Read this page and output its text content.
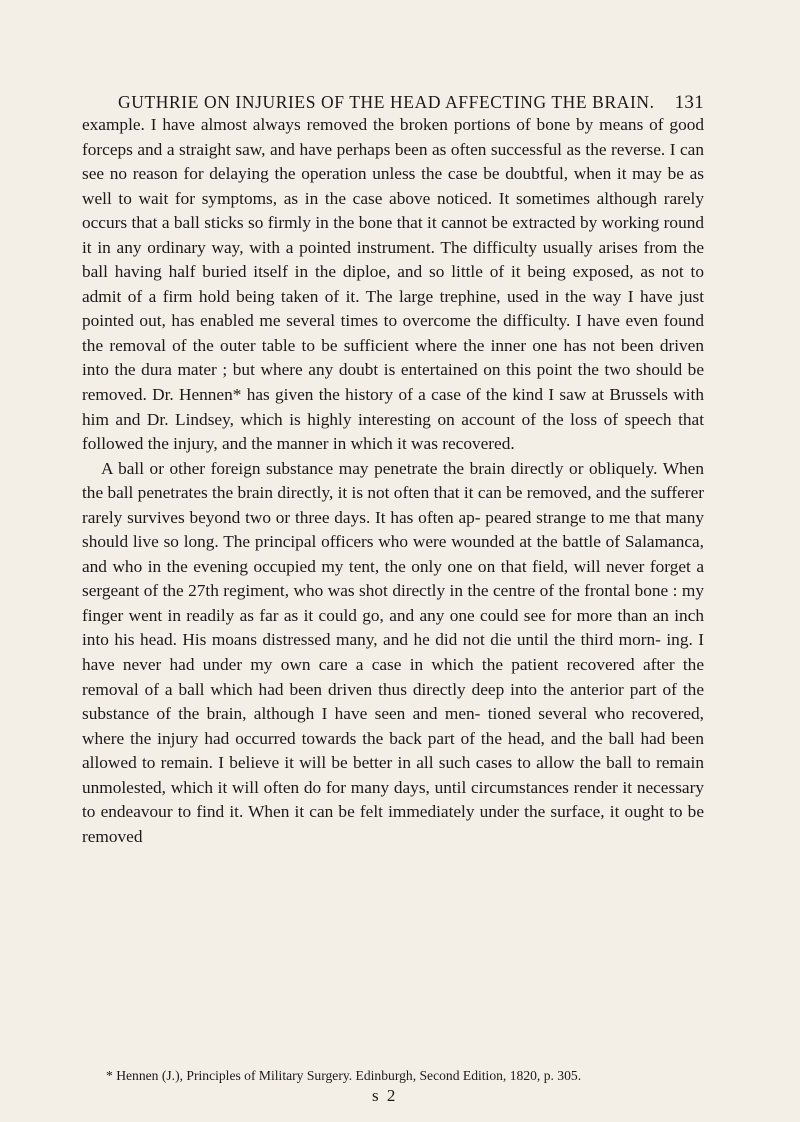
GUTHRIE ON INJURIES OF THE HEAD AFFECTING THE BRAIN. 131

example. I have almost always removed the broken portions of bone by means of good forceps and a straight saw, and have perhaps been as often successful as the reverse. I can see no reason for delaying the operation unless the case be doubtful, when it may be as well to wait for symptoms, as in the case above noticed. It sometimes although rarely occurs that a ball sticks so firmly in the bone that it cannot be extracted by working round it in any ordinary way, with a pointed instrument. The difficulty usually arises from the ball having half buried itself in the diploe, and so little of it being exposed, as not to admit of a firm hold being taken of it. The large trephine, used in the way I have just pointed out, has enabled me several times to overcome the difficulty. I have even found the removal of the outer table to be sufficient where the inner one has not been driven into the dura mater ; but where any doubt is entertained on this point the two should be removed. Dr. Hennen* has given the history of a case of the kind I saw at Brussels with him and Dr. Lindsey, which is highly interesting on account of the loss of speech that followed the injury, and the manner in which it was recovered.

A ball or other foreign substance may penetrate the brain directly or obliquely. When the ball penetrates the brain directly, it is not often that it can be removed, and the sufferer rarely survives beyond two or three days. It has often ap- peared strange to me that many should live so long. The principal officers who were wounded at the battle of Salamanca, and who in the evening occupied my tent, the only one on that field, will never forget a sergeant of the 27th regiment, who was shot directly in the centre of the frontal bone : my finger went in readily as far as it could go, and any one could see for more than an inch into his head. His moans distressed many, and he did not die until the third morn- ing. I have never had under my own care a case in which the patient recovered after the removal of a ball which had been driven thus directly deep into the anterior part of the substance of the brain, although I have seen and men- tioned several who recovered, where the injury had occurred towards the back part of the head, and the ball had been allowed to remain. I believe it will be better in all such cases to allow the ball to remain unmolested, which it will often do for many days, until circumstances render it necessary to endeavour to find it. When it can be felt immediately under the surface, it ought to be removed

* Hennen (J.), Principles of Military Surgery. Edinburgh, Second Edition, 1820, p. 305.
s 2
